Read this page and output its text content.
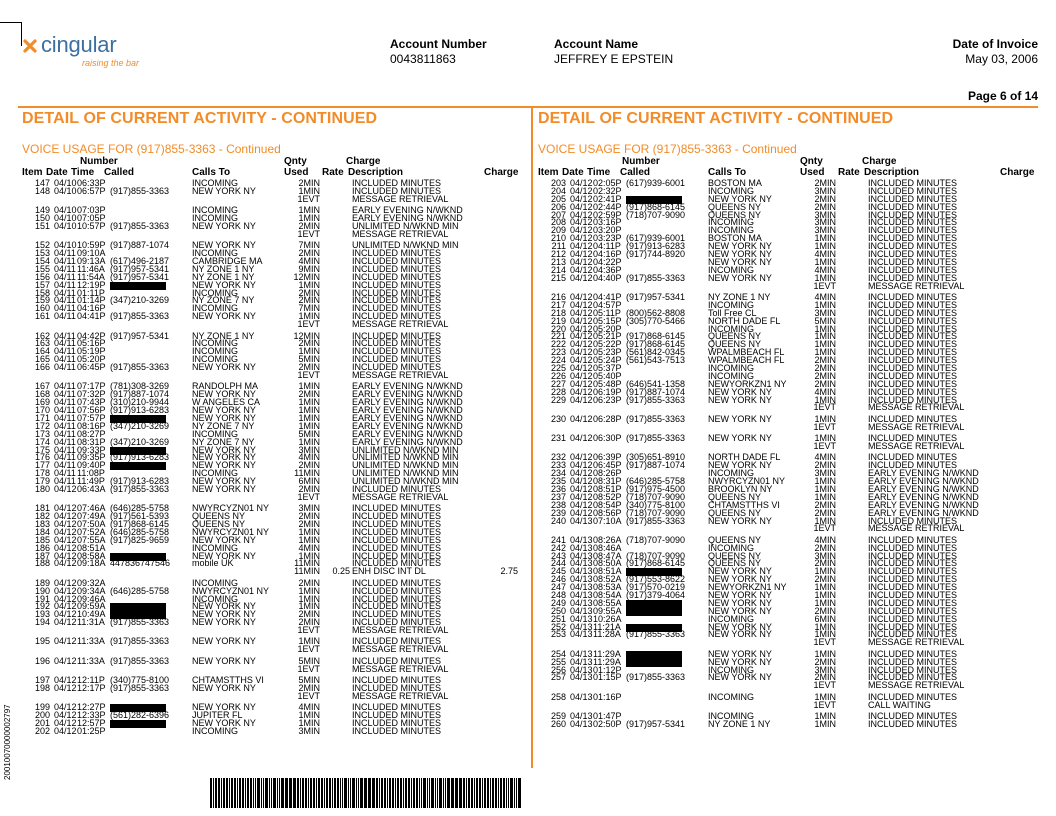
cingular
raising the bar
Account Number
0043811863
Account Name
JEFFREY E EPSTEIN
Date of Invoice
May 03, 2006
Page 6 of 14
DETAIL OF CURRENT ACTIVITY - CONTINUED
VOICE USAGE FOR (917)855-3363 - Continued
Number	Qnty	Charge
Item Date Time Called	Calls To	Used Rate Description	Charge
147 04/10 06:33P	INCOMING	2MIN	INCLUDED MINUTES
148 04/10 06:57P (917)855-3363	NEW YORK NY	1MIN	INCLUDED MINUTES
1EVT	MESSAGE RETRIEVAL
149 04/10 07:03P	INCOMING	1MIN	EARLY EVENING N/WKND
150 04/10 07:05P	INCOMING	1MIN	EARLY EVENING N/WKND
151 04/10 10:57P (917)855-3363	NEW YORK NY	2MIN	UNLIMITED N/WKND MIN
1EVT	MESSAGE RETRIEVAL
152 04/10 10:59P (917)887-1074	NEW YORK NY	7MIN	UNLIMITED N/WKND MIN
153 04/11 09:10A	INCOMING	2MIN	INCLUDED MINUTES
154 04/11 09:13A (617)496-2187	CAMBRIDGE MA	4MIN	INCLUDED MINUTES
155 04/11 11:46A (917)957-5341	NY ZONE 1 NY	9MIN	INCLUDED MINUTES
156 04/11 11:54A (917)957-5341	NY ZONE 1 NY	12MIN	INCLUDED MINUTES
157 04/11 12:19P	NEW YORK NY	1MIN	INCLUDED MINUTES
158 04/11 01:11P	INCOMING	2MIN	INCLUDED MINUTES
159 04/11 01:14P (347)210-3269	NY ZONE 7 NY	2MIN	INCLUDED MINUTES
160 04/11 04:16P	INCOMING	7MIN	INCLUDED MINUTES
161 04/11 04:41P (917)855-3363	NEW YORK NY	1MIN	INCLUDED MINUTES
1EVT	MESSAGE RETRIEVAL
162 04/11 04:42P (917)957-5341	NY ZONE 1 NY	12MIN	INCLUDED MINUTES
163 04/11 05:16P	INCOMING	2MIN	INCLUDED MINUTES
164 04/11 05:19P	INCOMING	1MIN	INCLUDED MINUTES
165 04/11 05:20P	INCOMING	5MIN	INCLUDED MINUTES
166 04/11 06:45P (917)855-3363	NEW YORK NY	2MIN	INCLUDED MINUTES
1EVT	MESSAGE RETRIEVAL
167 04/11 07:17P (781)308-3269	RANDOLPH MA	1MIN	EARLY EVENING N/WKND
168 04/11 07:32P (917)887-1074	NEW YORK NY	2MIN	EARLY EVENING N/WKND
169 04/11 07:43P (310)210-9944	W ANGELES CA	1MIN	EARLY EVENING N/WKND
170 04/11 07:56P (917)913-6283	NEW YORK NY	1MIN	EARLY EVENING N/WKND
171 04/11 07:57P	NEW YORK NY	1MIN	EARLY EVENING N/WKND
172 04/11 08:16P (347)210-3269	NY ZONE 7 NY	1MIN	EARLY EVENING N/WKND
173 04/11 08:27P	INCOMING	5MIN	EARLY EVENING N/WKND
174 04/11 08:31P (347)210-3269	NY ZONE 7 NY	1MIN	EARLY EVENING N/WKND
175 04/11 09:33P	NEW YORK NY	3MIN	UNLIMITED N/WKND MIN
176 04/11 09:35P (917)913-6283	NEW YORK NY	4MIN	UNLIMITED N/WKND MIN
177 04/11 09:40P	NEW YORK NY	2MIN	UNLIMITED N/WKND MIN
178 04/11 11:08P	INCOMING	11MIN	UNLIMITED N/WKND MIN
179 04/11 11:49P (917)913-6283	NEW YORK NY	6MIN	UNLIMITED N/WKND MIN
180 04/12 06:43A (917)855-3363	NEW YORK NY	2MIN	INCLUDED MINUTES
1EVT	MESSAGE RETRIEVAL
181 04/12 07:46A (646)285-5758	NWYRCYZN01 NY	3MIN	INCLUDED MINUTES
182 04/12 07:49A (917)561-5393	QUEENS NY	2MIN	INCLUDED MINUTES
183 04/12 07:50A (917)868-6145	QUEENS NY	2MIN	INCLUDED MINUTES
184 04/12 07:52A (646)285-5758	NWYRCYZN01 NY	1MIN	INCLUDED MINUTES
185 04/12 07:55A (917)825-9659	NEW YORK NY	1MIN	INCLUDED MINUTES
186 04/12 08:51A	INCOMING	4MIN	INCLUDED MINUTES
187 04/12 08:58A	NEW YORK NY	1MIN	INCLUDED MINUTES
188 04/12 09:18A 447836747546 mobile UK	11MIN	INCLUDED MINUTES
11MIN	0.25 ENH DISC INT DL	2.75
189 04/12 09:32A	INCOMING	2MIN	INCLUDED MINUTES
190 04/12 09:34A (646)285-5758	NWYRCYZN01 NY	1MIN	INCLUDED MINUTES
191 04/12 09:46A	INCOMING	1MIN	INCLUDED MINUTES
192 04/12 09:59A	NEW YORK NY	1MIN	INCLUDED MINUTES
193 04/12 10:49A	NEW YORK NY	2MIN	INCLUDED MINUTES
194 04/12 11:31A (917)855-3363	NEW YORK NY	2MIN	INCLUDED MINUTES
1EVT	MESSAGE RETRIEVAL
195 04/12 11:33A (917)855-3363	NEW YORK NY	1MIN	INCLUDED MINUTES
1EVT	MESSAGE RETRIEVAL
196 04/12 11:33A (917)855-3363	NEW YORK NY	5MIN	INCLUDED MINUTES
1EVT	MESSAGE RETRIEVAL
197 04/12 12:11P (340)775-8100	CHTAMSTTHS VI	5MIN	INCLUDED MINUTES
198 04/12 12:17P (917)855-3363	NEW YORK NY	2MIN	INCLUDED MINUTES
1EVT	MESSAGE RETRIEVAL
199 04/12 12:27P	NEW YORK NY	4MIN	INCLUDED MINUTES
200 04/12 12:33P (561)282-6396	JUPITER FL	1MIN	INCLUDED MINUTES
201 04/12 12:57P	NEW YORK NY	1MIN	INCLUDED MINUTES
202 04/12 01:25P	INCOMING	3MIN	INCLUDED MINUTES
DETAIL OF CURRENT ACTIVITY - CONTINUED
VOICE USAGE FOR (917)855-3363 - Continued
Number	Qnty	Charge
Item Date Time Called	Calls To	Used Rate Description	Charge
203 04/12 02:05P (617)939-6001	BOSTON MA	2MIN	INCLUDED MINUTES
204 04/12 02:32P	INCOMING	3MIN	INCLUDED MINUTES
205 04/12 02:41P	NEW YORK NY	2MIN	INCLUDED MINUTES
206 04/12 02:44P (917)868-6145	QUEENS NY	2MIN	INCLUDED MINUTES
207 04/12 02:59P (718)707-9090	QUEENS NY	3MIN	INCLUDED MINUTES
208 04/12 03:16P	INCOMING	3MIN	INCLUDED MINUTES
209 04/12 03:20P	INCOMING	3MIN	INCLUDED MINUTES
210 04/12 03:23P (617)939-6001	BOSTON MA	1MIN	INCLUDED MINUTES
211 04/12 04:11P (917)913-6283	NEW YORK NY	1MIN	INCLUDED MINUTES
212 04/12 04:16P (917)744-8920	NEW YORK NY	4MIN	INCLUDED MINUTES
213 04/12 04:22P	NEW YORK NY	1MIN	INCLUDED MINUTES
214 04/12 04:36P	INCOMING	4MIN	INCLUDED MINUTES
215 04/12 04:40P (917)855-3363	NEW YORK NY	1MIN	INCLUDED MINUTES
1EVT	MESSAGE RETRIEVAL
216 04/12 04:41P (917)957-5341	NY ZONE 1 NY	4MIN	INCLUDED MINUTES
217 04/12 04:57P	INCOMING	1MIN	INCLUDED MINUTES
218 04/12 05:11P (800)562-8808	Toll Free CL	3MIN	INCLUDED MINUTES
219 04/12 05:15P (305)770-5466	NORTH DADE FL	5MIN	INCLUDED MINUTES
220 04/12 05:20P	INCOMING	1MIN	INCLUDED MINUTES
221 04/12 05:21P (917)868-6145	QUEENS NY	1MIN	INCLUDED MINUTES
222 04/12 05:22P (917)868-6145	QUEENS NY	1MIN	INCLUDED MINUTES
223 04/12 05:23P (561)842-0345	WPALMBEACH FL	1MIN	INCLUDED MINUTES
224 04/12 05:24P (561)543-7513	WPALMBEACH FL	2MIN	INCLUDED MINUTES
225 04/12 05:37P	INCOMING	2MIN	INCLUDED MINUTES
226 04/12 05:40P	INCOMING	2MIN	INCLUDED MINUTES
227 04/12 05:48P (646)541-1358	NEWYORKZN1 NY	2MIN	INCLUDED MINUTES
228 04/12 06:19P (917)887-1074	NEW YORK NY	4MIN	INCLUDED MINUTES
229 04/12 06:23P (917)855-3363	NEW YORK NY	1MIN	INCLUDED MINUTES
1EVT	MESSAGE RETRIEVAL
230 04/12 06:28P (917)855-3363	NEW YORK NY	1MIN	INCLUDED MINUTES
1EVT	MESSAGE RETRIEVAL
231 04/12 06:30P (917)855-3363	NEW YORK NY	1MIN	INCLUDED MINUTES
1EVT	MESSAGE RETRIEVAL
232 04/12 06:39P (305)651-8910	NORTH DADE FL	4MIN	INCLUDED MINUTES
233 04/12 06:45P (917)887-1074	NEW YORK NY	2MIN	INCLUDED MINUTES
234 04/12 08:26P	INCOMING	3MIN	EARLY EVENING N/WKND
235 04/12 08:31P (646)285-5758	NWYRCYZN01 NY	1MIN	EARLY EVENING N/WKND
236 04/12 08:51P (917)975-4500	BROOKLYN NY	1MIN	EARLY EVENING N/WKND
237 04/12 08:52P (718)707-9090	QUEENS NY	1MIN	EARLY EVENING N/WKND
238 04/12 08:54P (340)775-8100	CHTAMSTTHS VI	2MIN	EARLY EVENING N/WKND
239 04/12 08:56P (718)707-9090	QUEENS NY	2MIN	EARLY EVENING N/WKND
240 04/13 07:10A (917)855-3363	NEW YORK NY	1MIN	INCLUDED MINUTES
1EVT	MESSAGE RETRIEVAL
241 04/13 08:26A (718)707-9090	QUEENS NY	4MIN	INCLUDED MINUTES
242 04/13 08:46A	INCOMING	2MIN	INCLUDED MINUTES
243 04/13 08:47A (718)707-9090	QUEENS NY	3MIN	INCLUDED MINUTES
244 04/13 08:50A (917)868-6145	QUEENS NY	2MIN	INCLUDED MINUTES
245 04/13 08:51A	NEW YORK NY	1MIN	INCLUDED MINUTES
246 04/13 08:52A (917)553-8622	NEW YORK NY	2MIN	INCLUDED MINUTES
247 04/13 08:53A (917)570-0219	NEWYORKZN1 NY	1MIN	INCLUDED MINUTES
248 04/13 08:54A (917)379-4064	NEW YORK NY	1MIN	INCLUDED MINUTES
249 04/13 08:55A	NEW YORK NY	1MIN	INCLUDED MINUTES
250 04/13 09:55A	NEW YORK NY	2MIN	INCLUDED MINUTES
251 04/13 10:26A	INCOMING	6MIN	INCLUDED MINUTES
252 04/13 11:21A	NEW YORK NY	1MIN	INCLUDED MINUTES
253 04/13 11:28A (917)855-3363	NEW YORK NY	1MIN	INCLUDED MINUTES
1EVT	MESSAGE RETRIEVAL
254 04/13 11:29A	NEW YORK NY	1MIN	INCLUDED MINUTES
255 04/13 11:29A	NEW YORK NY	2MIN	INCLUDED MINUTES
256 04/13 01:12P	INCOMING	3MIN	INCLUDED MINUTES
257 04/13 01:15P (917)855-3363	NEW YORK NY	2MIN	INCLUDED MINUTES
1EVT	MESSAGE RETRIEVAL
258 04/13 01:16P	INCOMING	1MIN	INCLUDED MINUTES
1EVT	CALL WAITING
259 04/13 01:47P	INCOMING	1MIN	INCLUDED MINUTES
260 04/13 02:50P (917)957-5341	NY ZONE 1 NY	1MIN	INCLUDED MINUTES
20010070000002797
